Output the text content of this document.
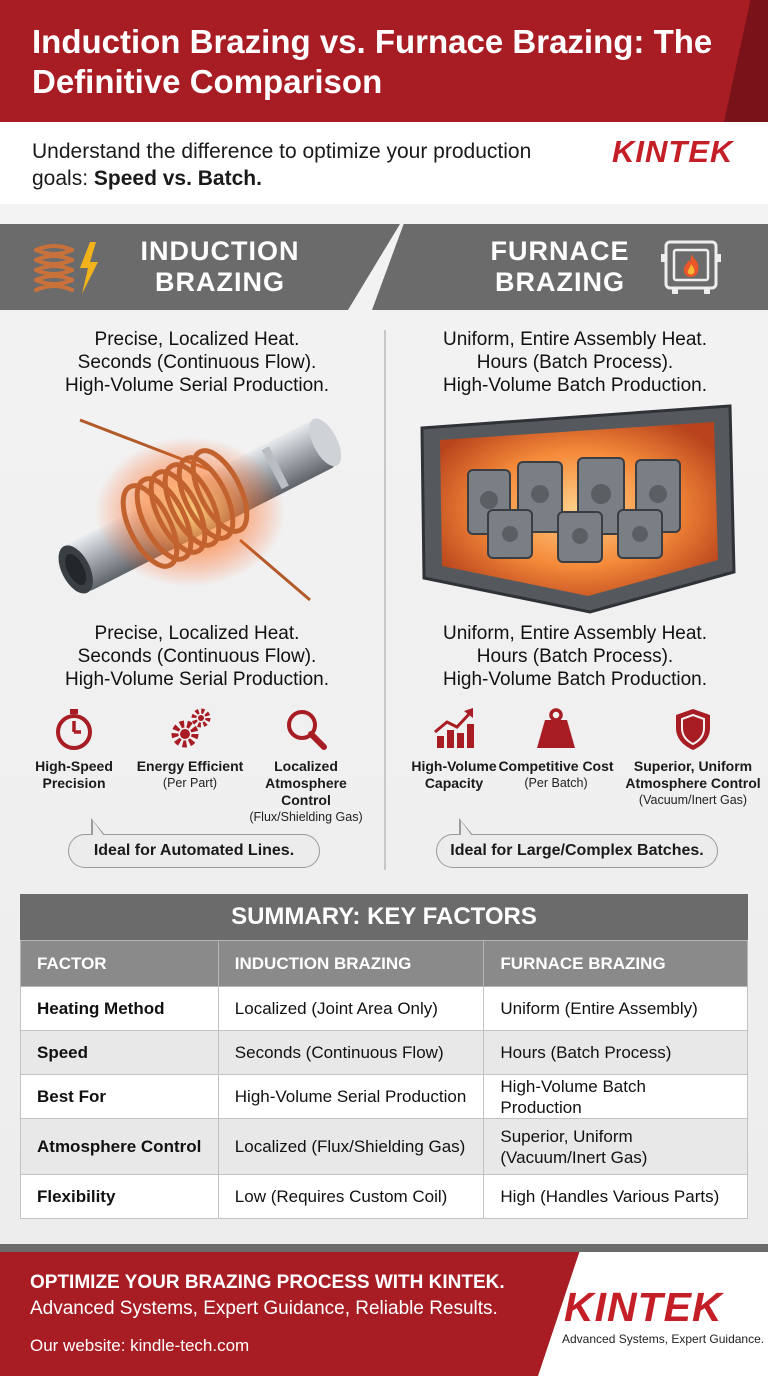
Induction Brazing vs. Furnace Brazing: The Definitive Comparison
Understand the difference to optimize your production goals: Speed vs. Batch.
KINTEK
INDUCTION
BRAZING
FURNACE
BRAZING
Precise, Localized Heat.
Seconds (Continuous Flow).
High-Volume Serial Production.
Precise, Localized Heat.
Seconds (Continuous Flow).
High-Volume Serial Production.
High-Speed Precision
Energy Efficient
(Per Part)
Localized Atmosphere Control
(Flux/Shielding Gas)
Ideal for Automated Lines.
Uniform, Entire Assembly Heat.
Hours (Batch Process).
High-Volume Batch Production.
Uniform, Entire Assembly Heat.
Hours (Batch Process).
High-Volume Batch Production.
High-Volume Capacity
Competitive Cost
(Per Batch)
Superior, Uniform Atmosphere Control
(Vacuum/Inert Gas)
Ideal for Large/Complex Batches.
SUMMARY: KEY FACTORS
FACTOR	INDUCTION BRAZING	FURNACE BRAZING
Heating Method	Localized (Joint Area Only)	Uniform (Entire Assembly)
Speed	Seconds (Continuous Flow)	Hours (Batch Process)
Best For	High-Volume Serial Production	High-Volume Batch Production
Atmosphere Control	Localized (Flux/Shielding Gas)	Superior, Uniform (Vacuum/Inert Gas)
Flexibility	Low (Requires Custom Coil)	High (Handles Various Parts)
OPTIMIZE YOUR BRAZING PROCESS WITH KINTEK.
Advanced Systems, Expert Guidance, Reliable Results.
Our website: kindle-tech.com
KINTEK
Advanced Systems, Expert Guidance.
